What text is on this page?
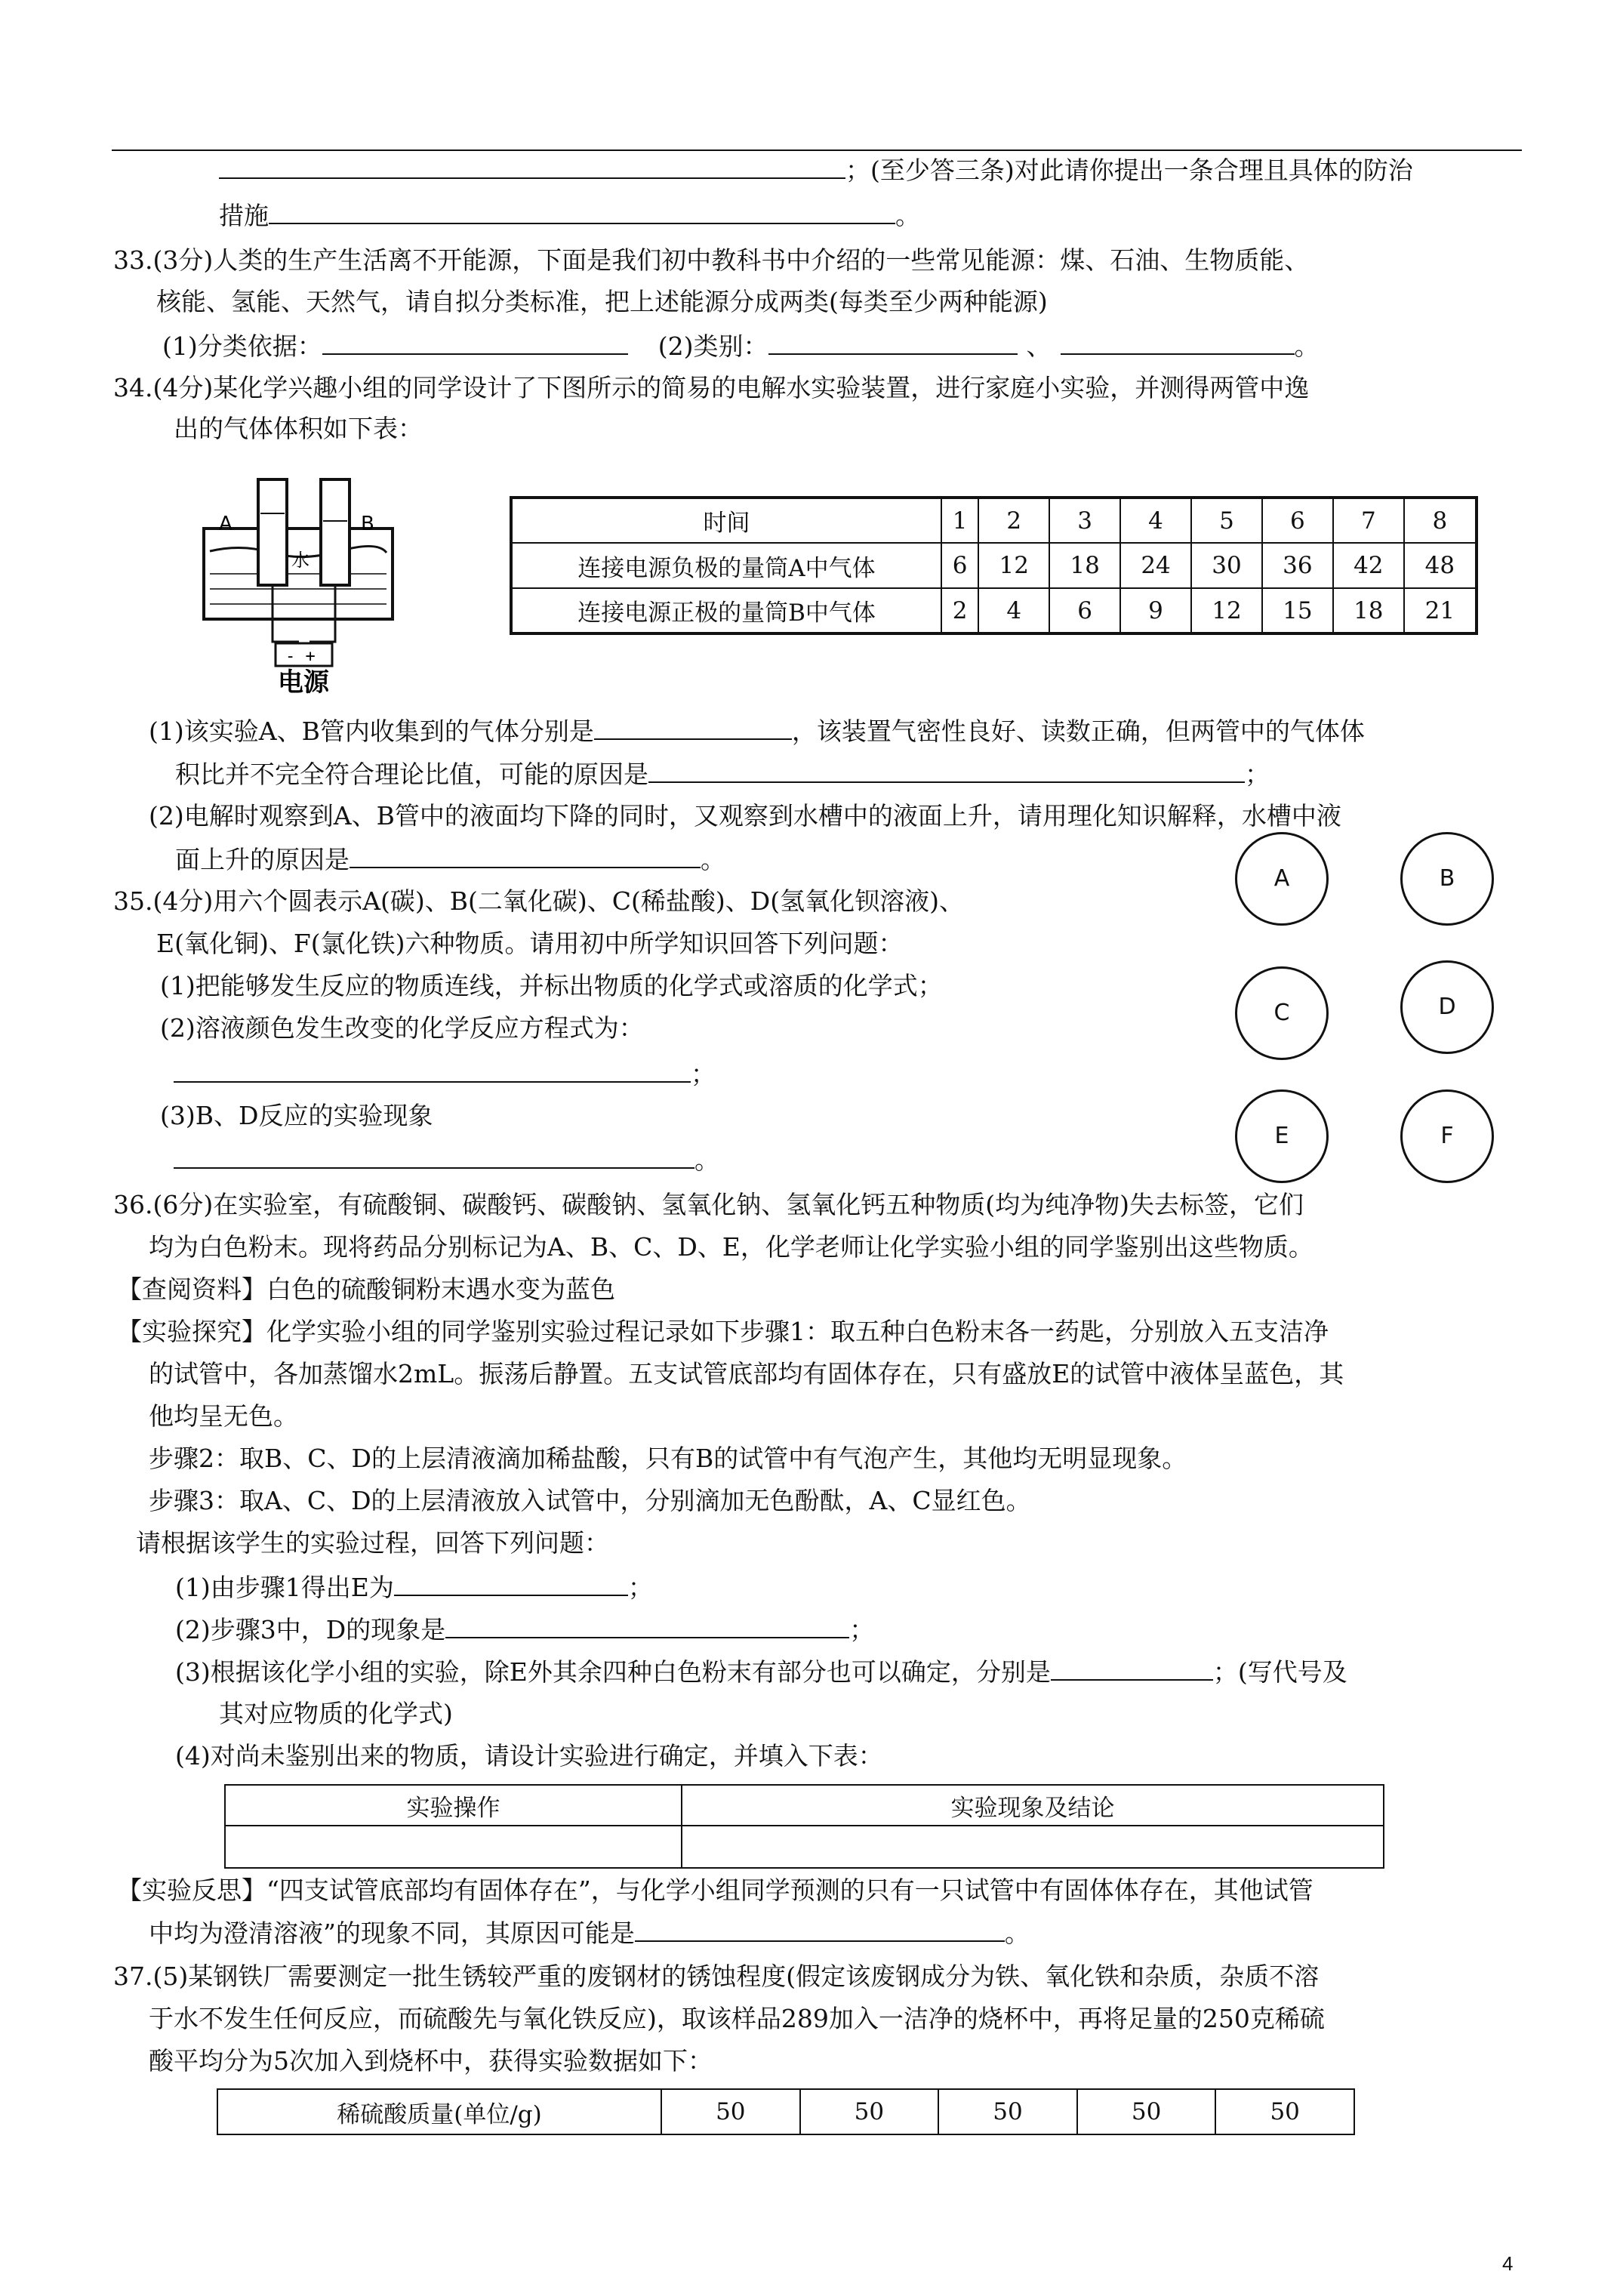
；(至少答三条)对此请你提出一条合理且具体的防治
措施	。
33.(3分)人类的生产生活离不开能源，下面是我们初中教科书中介绍的一些常见能源：煤、石油、生物质能、
核能、氢能、天然气，请自拟分类标准，把上述能源分成两类(每类至少两种能源)
(1)分类依据：	(2)类别：	、	。
34.(4分)某化学兴趣小组的同学设计了下图所示的简易的电解水实验装置，进行家庭小实验，并测得两管中逸
出的气体体积如下表：
A	B
水
- +
电源
时间	1	2	3	4	5	6	7	8
连接电源负极的量筒A中气体	6	12	18	24	30	36	42	48
连接电源正极的量筒B中气体	2	4	6	9	12	15	18	21
(1)该实验A、B管内收集到的气体分别是	，该装置气密性良好、读数正确，但两管中的气体体
积比并不完全符合理论比值，可能的原因是	；
(2)电解时观察到A、B管中的液面均下降的同时，又观察到水槽中的液面上升，请用理化知识解释，水槽中液
面上升的原因是	。
35.(4分)用六个圆表示A(碳)、B(二氧化碳)、C(稀盐酸)、D(氢氧化钡溶液)、
E(氧化铜)、F(氯化铁)六种物质。请用初中所学知识回答下列问题：
(1)把能够发生反应的物质连线，并标出物质的化学式或溶质的化学式；
(2)溶液颜色发生改变的化学反应方程式为：
；
(3)B、D反应的实验现象
。
A	B
C	D
E	F
36.(6分)在实验室，有硫酸铜、碳酸钙、碳酸钠、氢氧化钠、氢氧化钙五种物质(均为纯净物)失去标签，它们
均为白色粉末。现将药品分别标记为A、B、C、D、E，化学老师让化学实验小组的同学鉴别出这些物质。
【查阅资料】白色的硫酸铜粉末遇水变为蓝色
【实验探究】化学实验小组的同学鉴别实验过程记录如下步骤1：取五种白色粉末各一药匙，分别放入五支洁净
的试管中，各加蒸馏水2mL。振荡后静置。五支试管底部均有固体存在，只有盛放E的试管中液体呈蓝色，其
他均呈无色。
步骤2：取B、C、D的上层清液滴加稀盐酸，只有B的试管中有气泡产生，其他均无明显现象。
步骤3：取A、C、D的上层清液放入试管中，分别滴加无色酚酞，A、C显红色。
请根据该学生的实验过程，回答下列问题：
(1)由步骤1得出E为	；
(2)步骤3中，D的现象是	；
(3)根据该化学小组的实验，除E外其余四种白色粉末有部分也可以确定，分别是	；(写代号及
其对应物质的化学式)
(4)对尚未鉴别出来的物质，请设计实验进行确定，并填入下表：
实验操作	实验现象及结论

【实验反思】“四支试管底部均有固体存在”，与化学小组同学预测的只有一只试管中有固体体存在，其他试管
中均为澄清溶液”的现象不同，其原因可能是	。
37.(5)某钢铁厂需要测定一批生锈较严重的废钢材的锈蚀程度(假定该废钢成分为铁、氧化铁和杂质，杂质不溶
于水不发生任何反应，而硫酸先与氧化铁反应)，取该样品289加入一洁净的烧杯中，再将足量的250克稀硫
酸平均分为5次加入到烧杯中，获得实验数据如下：
稀硫酸质量(单位/g)	50	50	50	50	50
4
